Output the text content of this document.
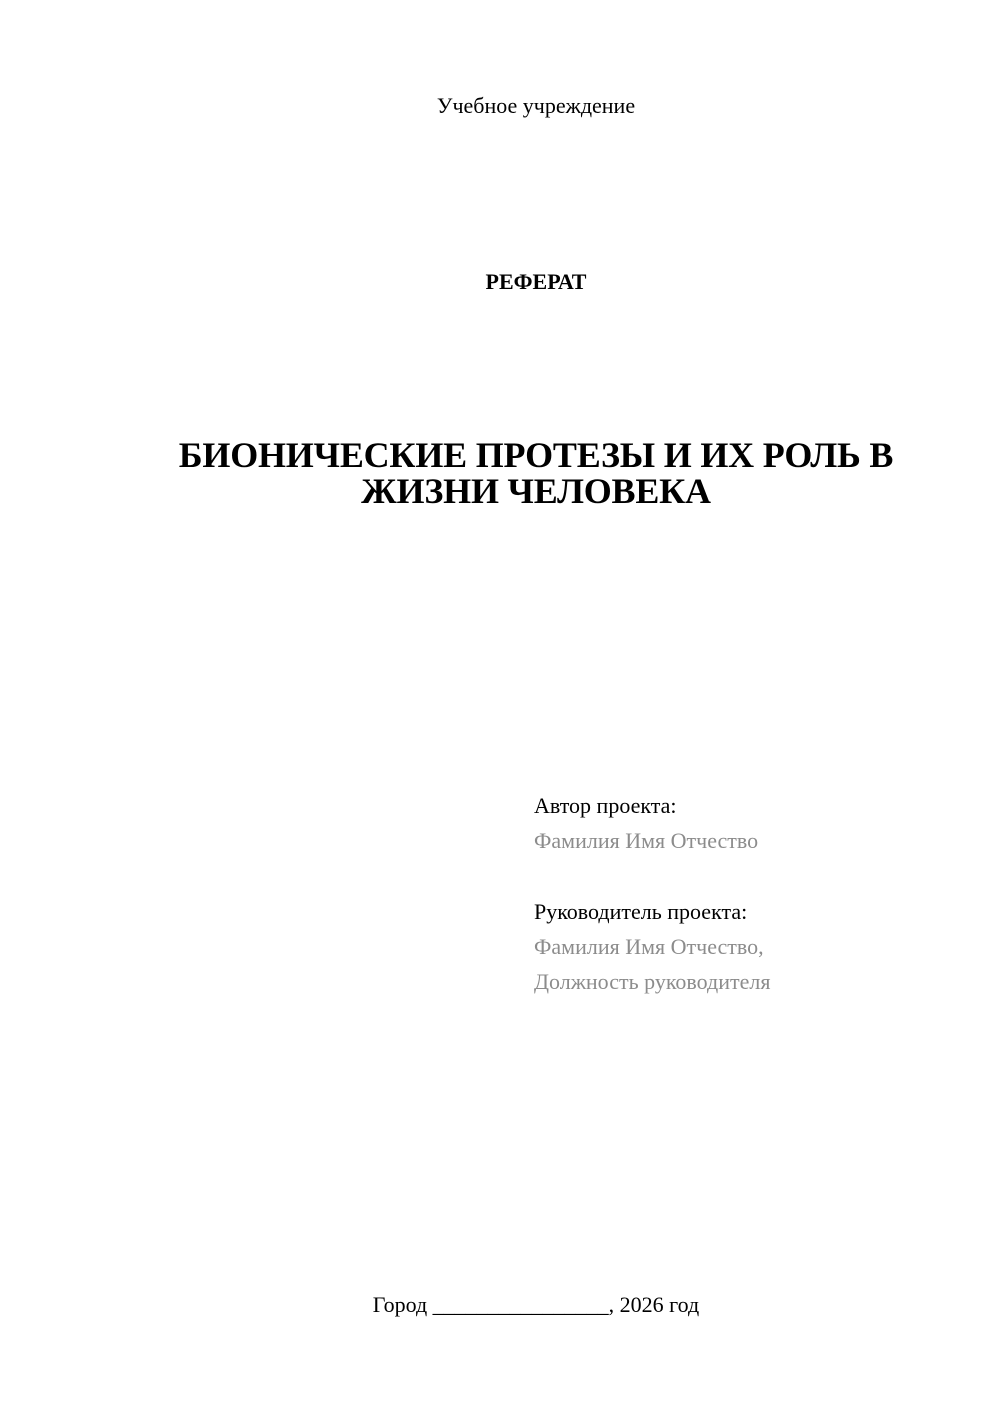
Учебное учреждение
РЕФЕРАТ
БИОНИЧЕСКИЕ ПРОТЕЗЫ И ИХ РОЛЬ В
ЖИЗНИ ЧЕЛОВЕКА
Автор проекта:
Фамилия Имя Отчество
Руководитель проекта:
Фамилия Имя Отчество,
Должность руководителя
Город ________________, 2026 год
